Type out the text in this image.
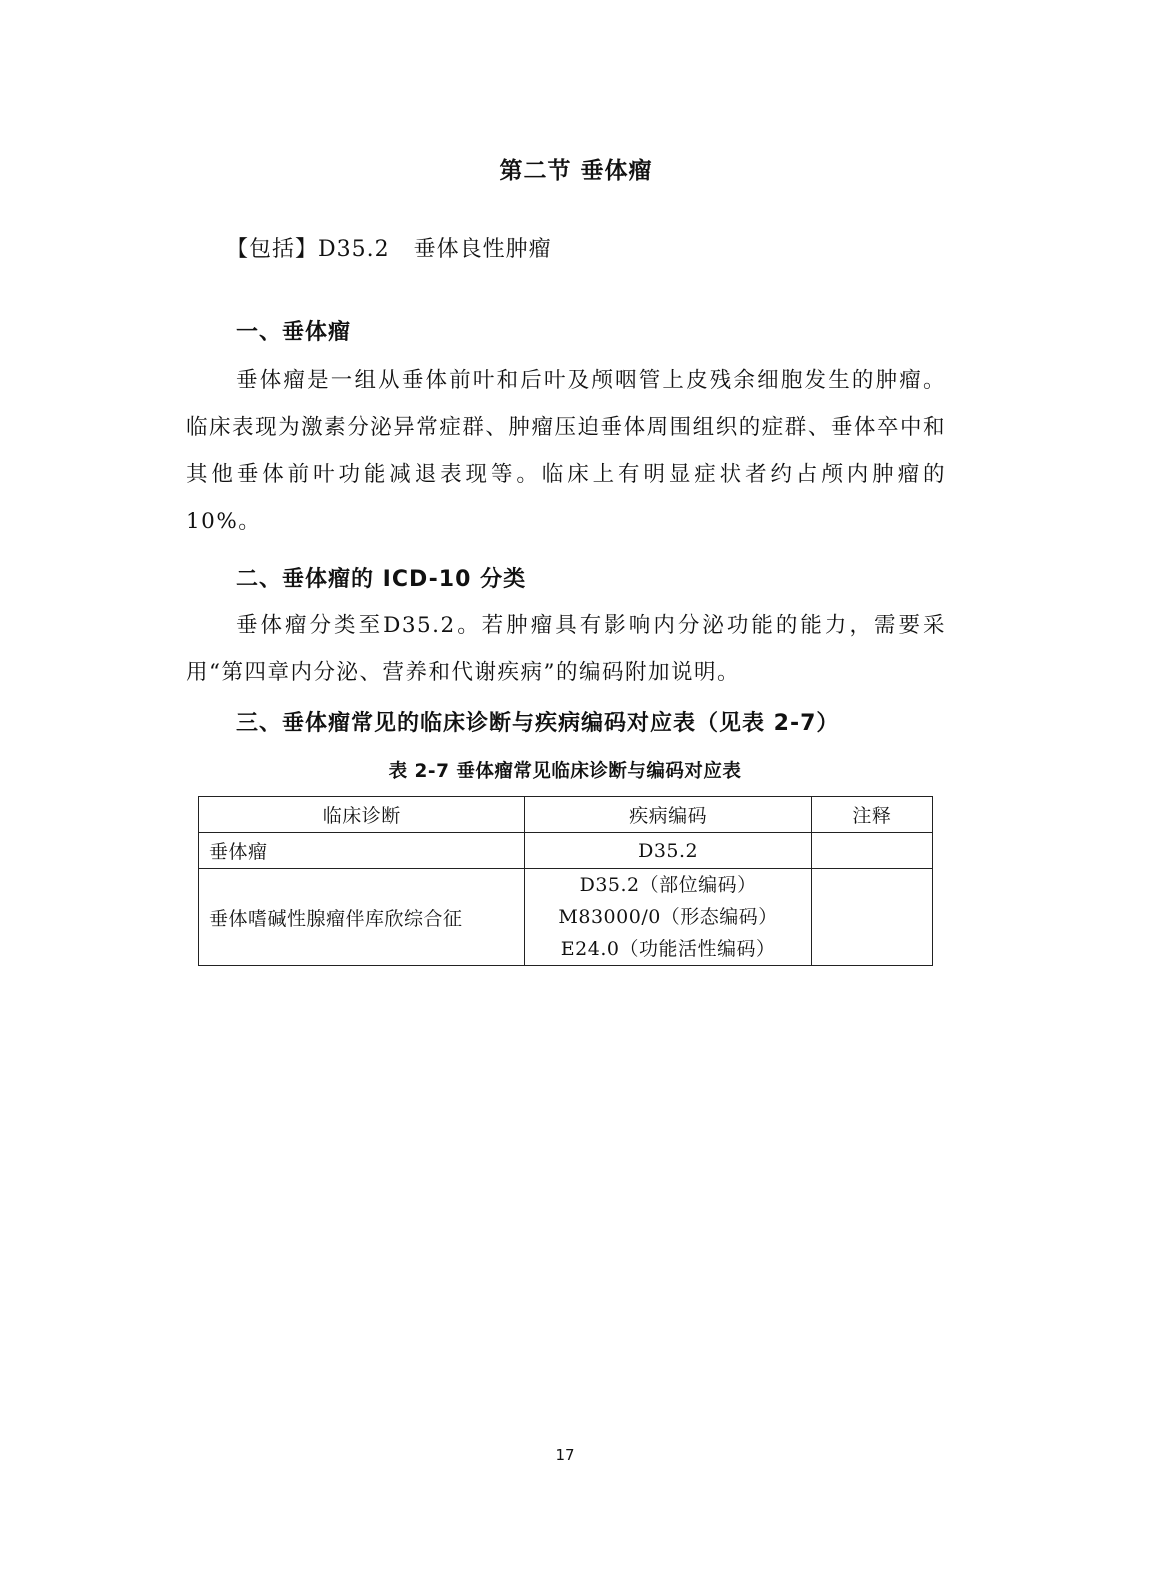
第二节 垂体瘤
【包括】D35.2 垂体良性肿瘤
一、垂体瘤
垂体瘤是一组从垂体前叶和后叶及颅咽管上皮残余细胞发生的肿瘤。临床表现为激素分泌异常症群、肿瘤压迫垂体周围组织的症群、垂体卒中和其他垂体前叶功能减退表现等。临床上有明显症状者约占颅内肿瘤的 10%。
二、垂体瘤的 ICD-10 分类
垂体瘤分类至D35.2。若肿瘤具有影响内分泌功能的能力，需要采用“第四章内分泌、营养和代谢疾病”的编码附加说明。
三、垂体瘤常见的临床诊断与疾病编码对应表（见表 2-7）
表 2-7 垂体瘤常见临床诊断与编码对应表
临床诊断	疾病编码	注释
垂体瘤	D35.2	

垂体嗜碱性腺瘤伴库欣综合征	D35.2（部位编码）
M83000/0（形态编码）
E24.0（功能活性编码）	

17
